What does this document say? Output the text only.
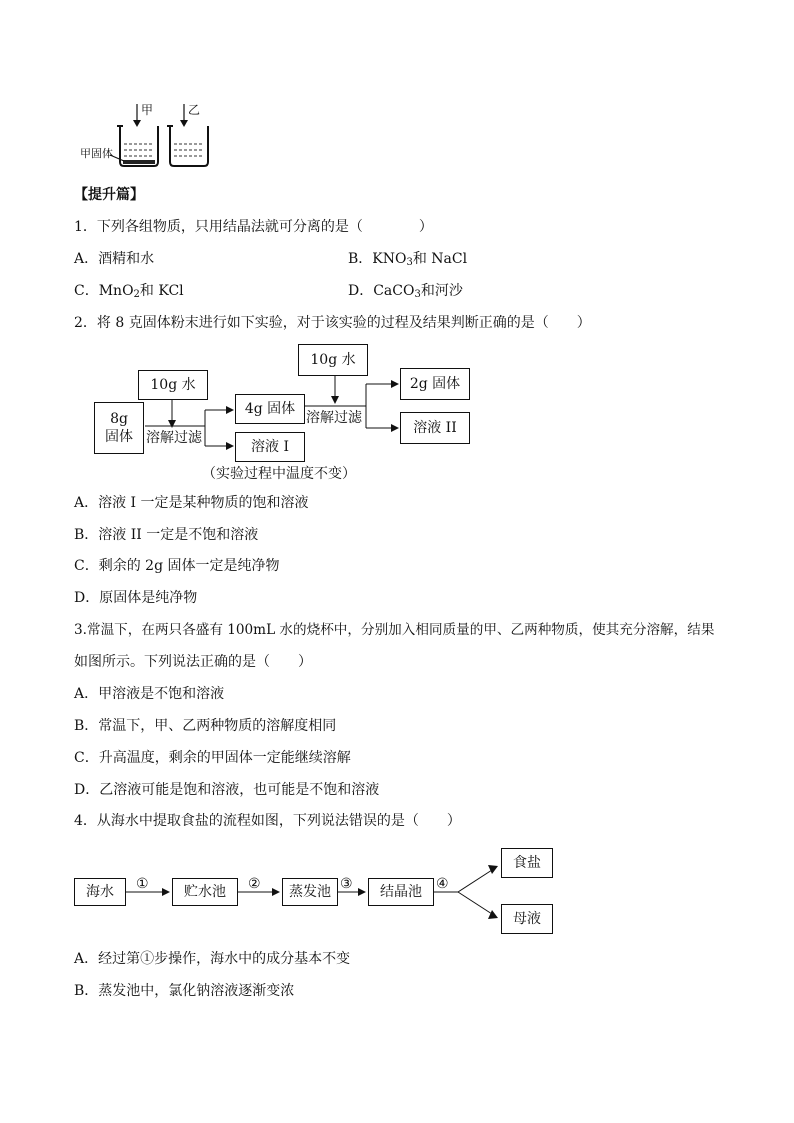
甲	乙
甲固体
【提升篇】
1．下列各组物质，只用结晶法就可分离的是（　　　　）
A．酒精和水	B．$KNO_3$和 NaCl
C．MnO$_2$和 KCl	D．CaCO$_3$和河沙
2．将 8 克固体粉末进行如下实验，对于该实验的过程及结果判断正确的是（　　）
8g
固体
10g 水
溶解过滤
4g 固体
溶液 I
10g 水
溶解过滤
2g 固体
溶液 II
（实验过程中温度不变）
A．溶液 I 一定是某种物质的饱和溶液
B．溶液 II 一定是不饱和溶液
C．剩余的 2g 固体一定是纯净物
D．原固体是纯净物
3.常温下，在两只各盛有 100mL 水的烧杯中，分别加入相同质量的甲、乙两种物质，使其充分溶解，结果
如图所示。下列说法正确的是（　　）
A．甲溶液是不饱和溶液
B．常温下，甲、乙两种物质的溶解度相同
C．升高温度，剩余的甲固体一定能继续溶解
D．乙溶液可能是饱和溶液，也可能是不饱和溶液
4．从海水中提取食盐的流程如图，下列说法错误的是（　　）
海水	①	贮水池	②	蒸发池 ③	结晶池	④
食盐
母液
A．经过第①步操作，海水中的成分基本不变
B．蒸发池中，氯化钠溶液逐渐变浓
